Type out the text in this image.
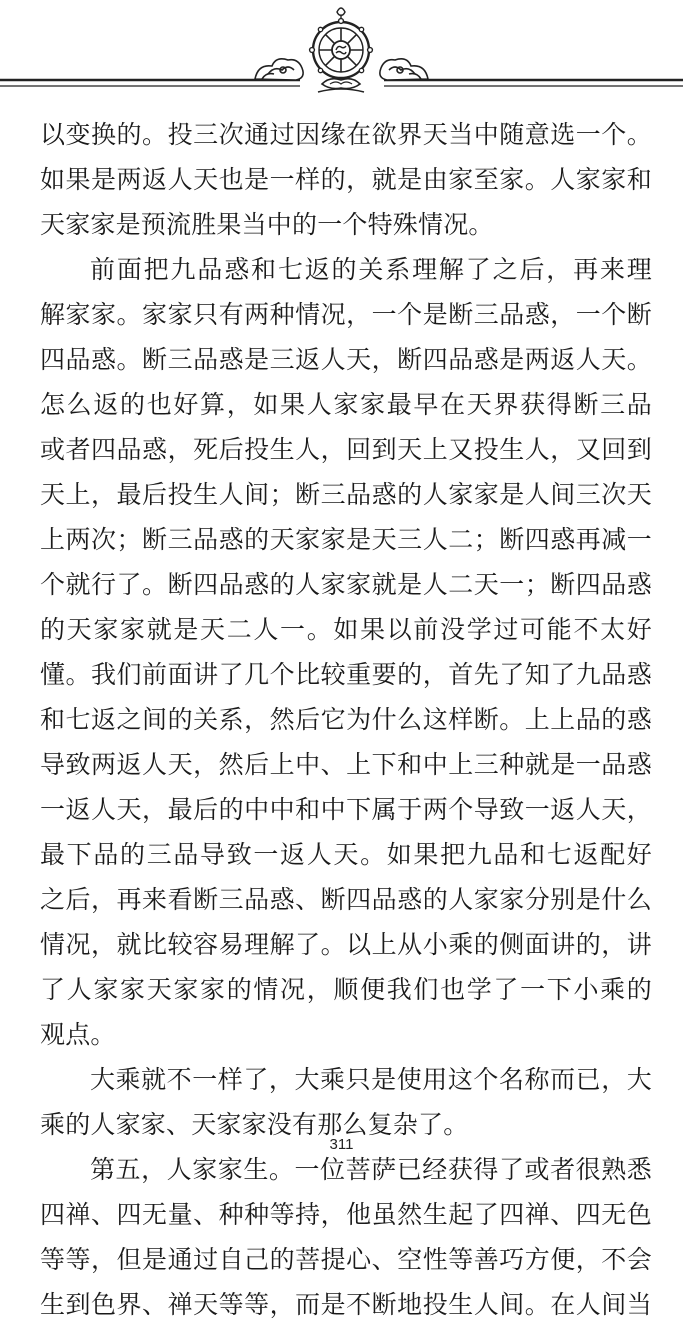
以变换的。投三次通过因缘在欲界天当中随意选一个。
如果是两返人天也是一样的，就是由家至家。人家家和
天家家是预流胜果当中的一个特殊情况。
前面把九品惑和七返的关系理解了之后，再来理
解家家。家家只有两种情况，一个是断三品惑，一个断
四品惑。断三品惑是三返人天，断四品惑是两返人天。
怎么返的也好算，如果人家家最早在天界获得断三品
或者四品惑，死后投生人，回到天上又投生人，又回到
天上，最后投生人间；断三品惑的人家家是人间三次天
上两次；断三品惑的天家家是天三人二；断四惑再减一
个就行了。断四品惑的人家家就是人二天一；断四品惑
的天家家就是天二人一。如果以前没学过可能不太好
懂。我们前面讲了几个比较重要的，首先了知了九品惑
和七返之间的关系，然后它为什么这样断。上上品的惑
导致两返人天，然后上中、上下和中上三种就是一品惑
一返人天，最后的中中和中下属于两个导致一返人天，
最下品的三品导致一返人天。如果把九品和七返配好
之后，再来看断三品惑、断四品惑的人家家分别是什么
情况，就比较容易理解了。以上从小乘的侧面讲的，讲
了人家家天家家的情况，顺便我们也学了一下小乘的
观点。
大乘就不一样了，大乘只是使用这个名称而已，大
乘的人家家、天家家没有那么复杂了。
第五，人家家生。一位菩萨已经获得了或者很熟悉
四禅、四无量、种种等持，他虽然生起了四禅、四无色
等等，但是通过自己的菩提心、空性等善巧方便，不会
生到色界、禅天等等，而是不断地投生人间。在人间当
311
